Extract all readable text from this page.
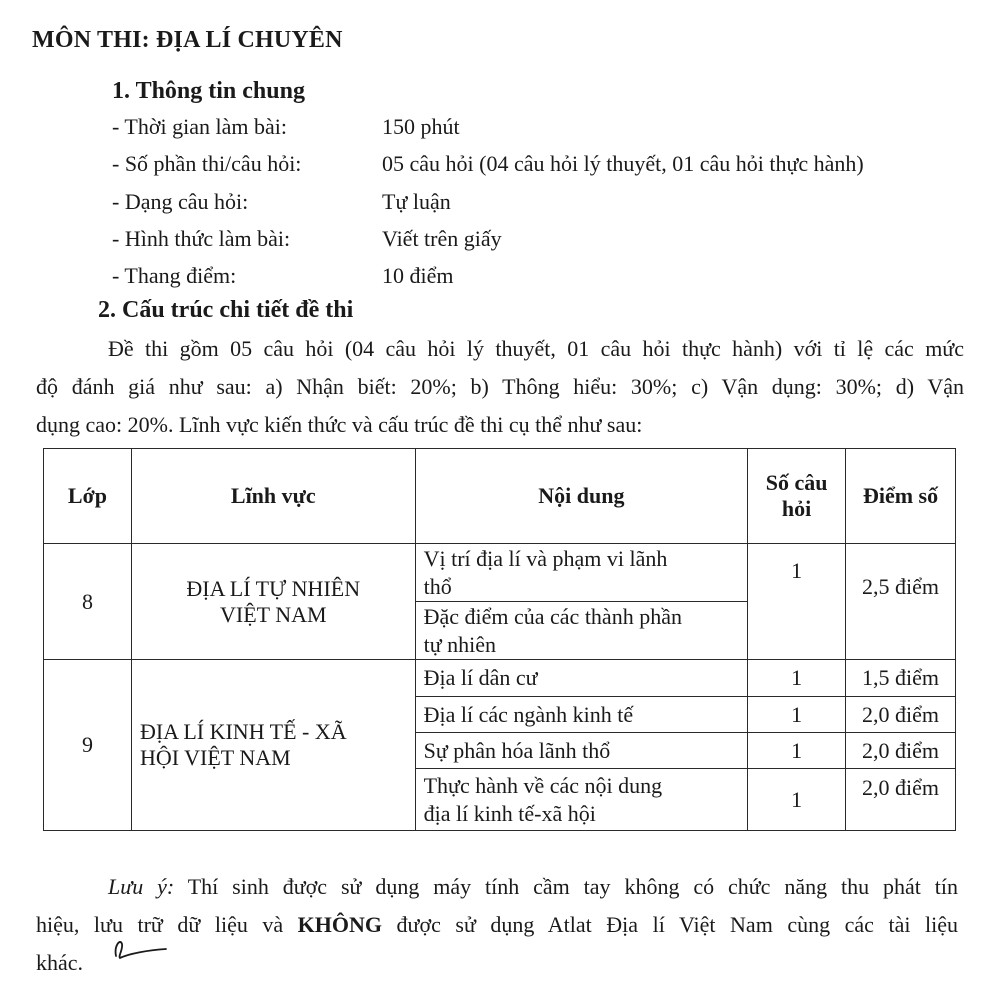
MÔN THI: ĐỊA LÍ CHUYÊN
1. Thông tin chung
- Thời gian làm bài:	150 phút
- Số phần thi/câu hỏi:	05 câu hỏi (04 câu hỏi lý thuyết, 01 câu hỏi thực hành)
- Dạng câu hỏi:	Tự luận
- Hình thức làm bài:	Viết trên giấy
- Thang điểm:	10 điểm
2. Cấu trúc chi tiết đề thi
Đề thi gồm 05 câu hỏi (04 câu hỏi lý thuyết, 01 câu hỏi thực hành) với tỉ lệ các mức
độ đánh giá như sau: a) Nhận biết: 20%; b) Thông hiểu: 30%; c) Vận dụng: 30%; d) Vận
dụng cao: 20%. Lĩnh vực kiến thức và cấu trúc đề thi cụ thể như sau:
Lớp	Lĩnh vực	Nội dung	Số câu
hỏi	Điểm số
8	ĐỊA LÍ TỰ NHIÊN
VIỆT NAM	Vị trí địa lí và phạm vi lãnh
thổ	1	2,5 điểm
		Đặc điểm của các thành phần
tự nhiên		
9	ĐỊA LÍ KINH TẾ - XÃ
HỘI VIỆT NAM	Địa lí dân cư	1	1,5 điểm
		Địa lí các ngành kinh tế	1	2,0 điểm
		Sự phân hóa lãnh thổ	1	2,0 điểm
		Thực hành về các nội dung
địa lí kinh tế-xã hội	1	2,0 điểm
Lưu ý: Thí sinh được sử dụng máy tính cầm tay không có chức năng thu phát tín
hiệu, lưu trữ dữ liệu và KHÔNG được sử dụng Atlat Địa lí Việt Nam cùng các tài liệu
khác.
